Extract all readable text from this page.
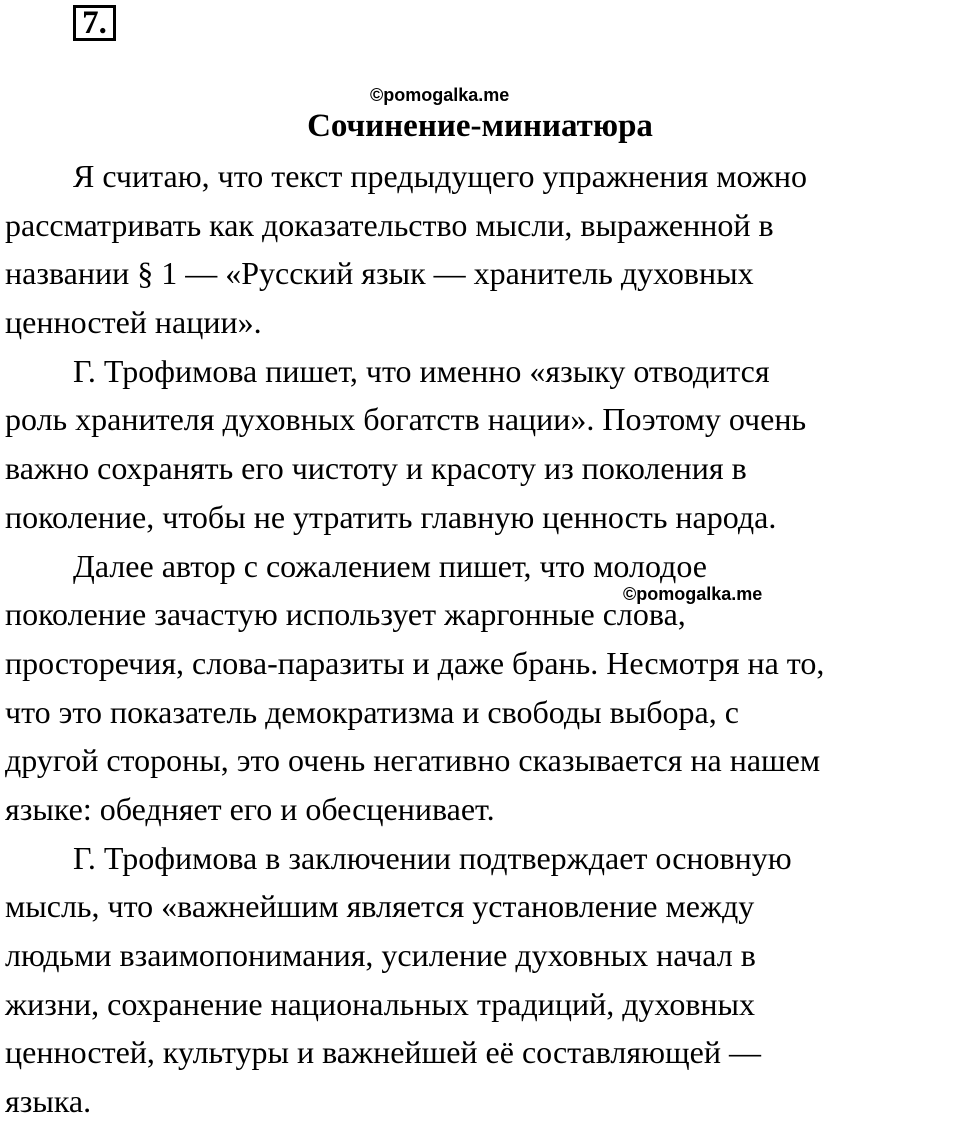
7.
©pomogalka.me
Сочинение-миниатюра
Я считаю, что текст предыдущего упражнения можно
рассматривать как доказательство мысли, выраженной в
названии § 1 — «Русский язык — хранитель духовных
ценностей нации».
Г. Трофимова пишет, что именно «языку отводится
роль хранителя духовных богатств нации». Поэтому очень
важно сохранять его чистоту и красоту из поколения в
поколение, чтобы не утратить главную ценность народа.
Далее автор с сожалением пишет, что молодое
поколение зачастую использует жаргонные слова,
просторечия, слова-паразиты и даже брань. Несмотря на то,
что это показатель демократизма и свободы выбора, с
другой стороны, это очень негативно сказывается на нашем
языке: обедняет его и обесценивает.
Г. Трофимова в заключении подтверждает основную
мысль, что «важнейшим является установление между
людьми взаимопонимания, усиление духовных начал в
жизни, сохранение национальных традиций, духовных
ценностей, культуры и важнейшей её составляющей —
языка.
©pomogalka.me
